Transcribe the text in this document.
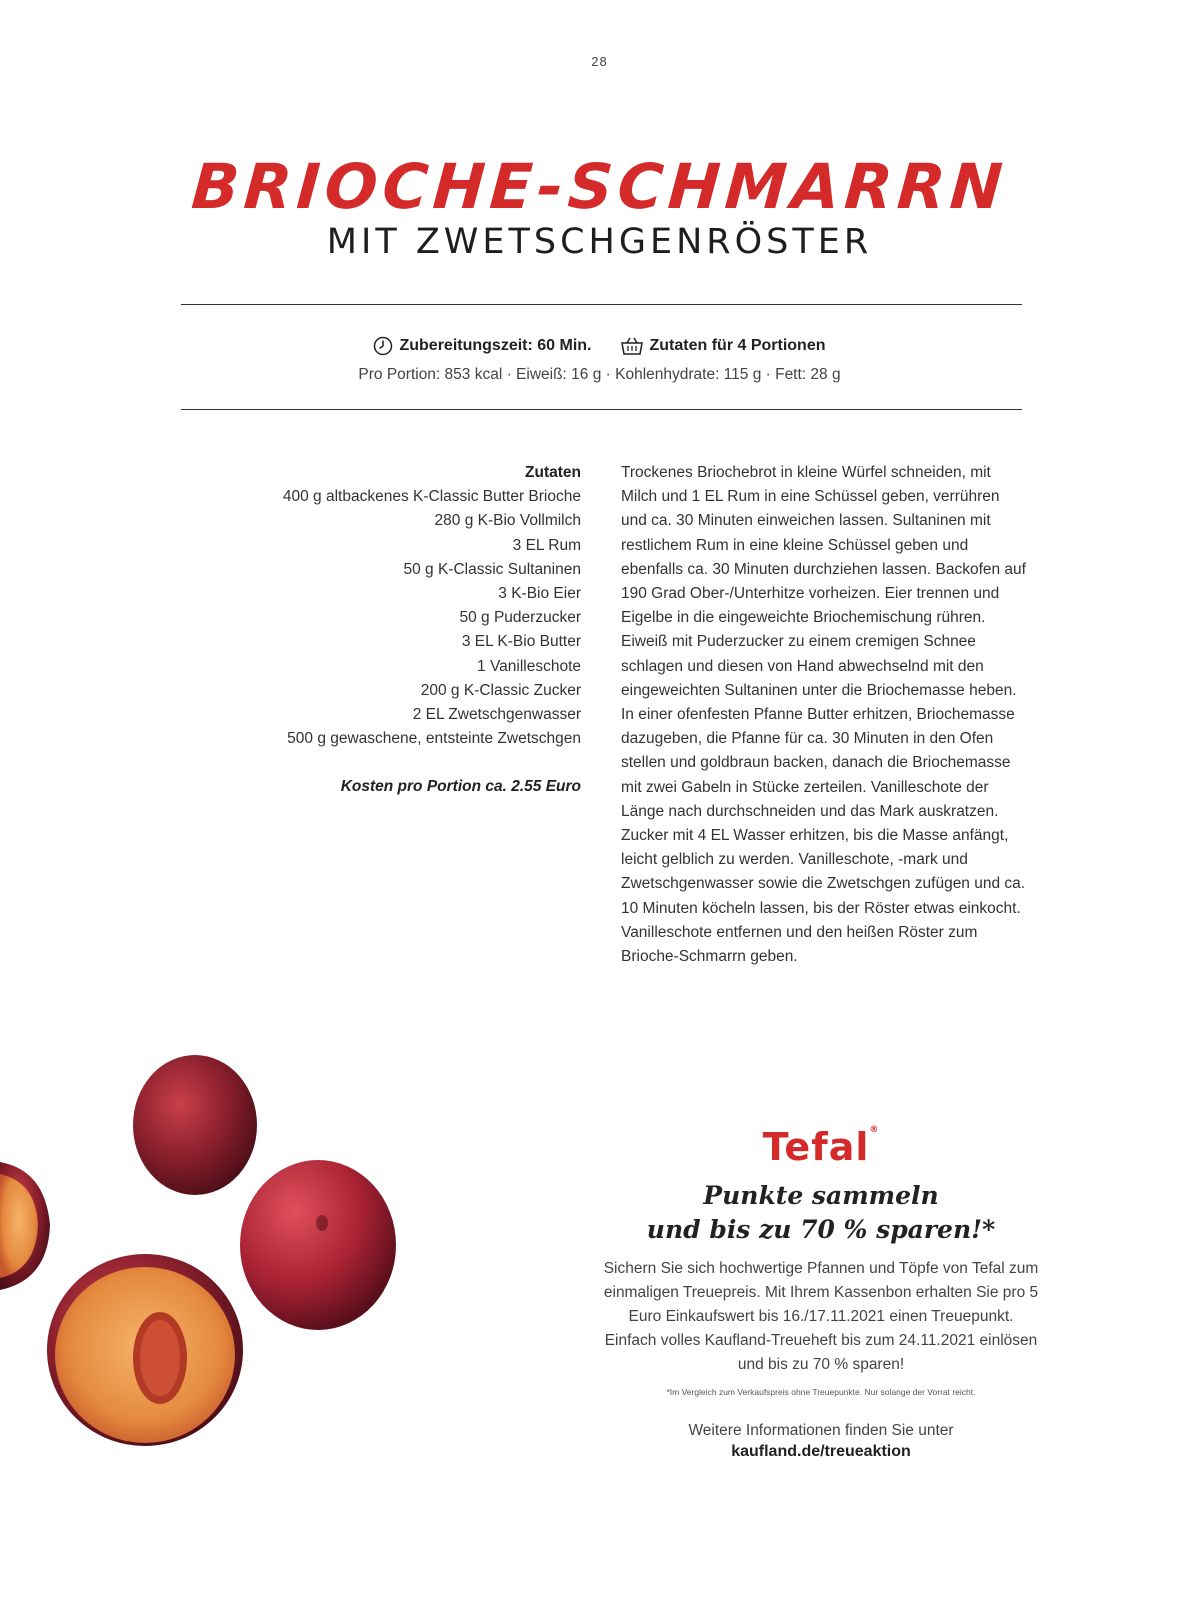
28
BRIOCHE-SCHMARRN
MIT ZWETSCHGENRÖSTER
Zubereitungszeit: 60 Min.	Zutaten für 4 Portionen
Pro Portion: 853 kcal · Eiweiß: 16 g · Kohlenhydrate: 115 g · Fett: 28 g
Zutaten
400 g altbackenes K-Classic Butter Brioche
280 g K-Bio Vollmilch
3 EL Rum
50 g K-Classic Sultaninen
3 K-Bio Eier
50 g Puderzucker
3 EL K-Bio Butter
1 Vanilleschote
200 g K-Classic Zucker
2 EL Zwetschgenwasser
500 g gewaschene, entsteinte Zwetschgen
Kosten pro Portion ca. 2.55 Euro

Trockenes Briochebrot in kleine Würfel schneiden, mit Milch und 1 EL Rum in eine Schüssel geben, verrühren und ca. 30 Minuten einweichen lassen. Sultaninen mit restlichem Rum in eine kleine Schüssel geben und ebenfalls ca. 30 Minuten durchziehen lassen. Backofen auf 190 Grad Ober-/Unterhitze vorheizen. Eier trennen und Eigelbe in die eingeweichte Briochemischung rühren. Eiweiß mit Puderzucker zu einem cremigen Schnee schlagen und diesen von Hand abwechselnd mit den eingeweichten Sultaninen unter die Briochemasse heben. In einer ofenfesten Pfanne Butter erhitzen, Briochemasse dazugeben, die Pfanne für ca. 30 Minuten in den Ofen stellen und goldbraun backen, danach die Briochemasse mit zwei Gabeln in Stücke zerteilen. Vanilleschote der Länge nach durchschneiden und das Mark auskratzen. Zucker mit 4 EL Wasser erhitzen, bis die Masse anfängt, leicht gelblich zu werden. Vanilleschote, -mark und Zwetschgenwasser sowie die Zwetschgen zufügen und ca. 10 Minuten köcheln lassen, bis der Röster etwas einkocht. Vanilleschote entfernen und den heißen Röster zum Brioche-Schmarrn geben.

Tefal®
Punkte sammeln
und bis zu 70 % sparen!*
Sichern Sie sich hochwertige Pfannen und Töpfe von Tefal zum einmaligen Treuepreis. Mit Ihrem Kassenbon erhalten Sie pro 5 Euro Einkaufswert bis 16./17.11.2021 einen Treuepunkt. Einfach volles Kaufland-Treueheft bis zum 24.11.2021 einlösen und bis zu 70 % sparen!
*Im Vergleich zum Verkaufspreis ohne Treuepunkte. Nur solange der Vorrat reicht.
Weitere Informationen finden Sie unter
kaufland.de/treueaktion
